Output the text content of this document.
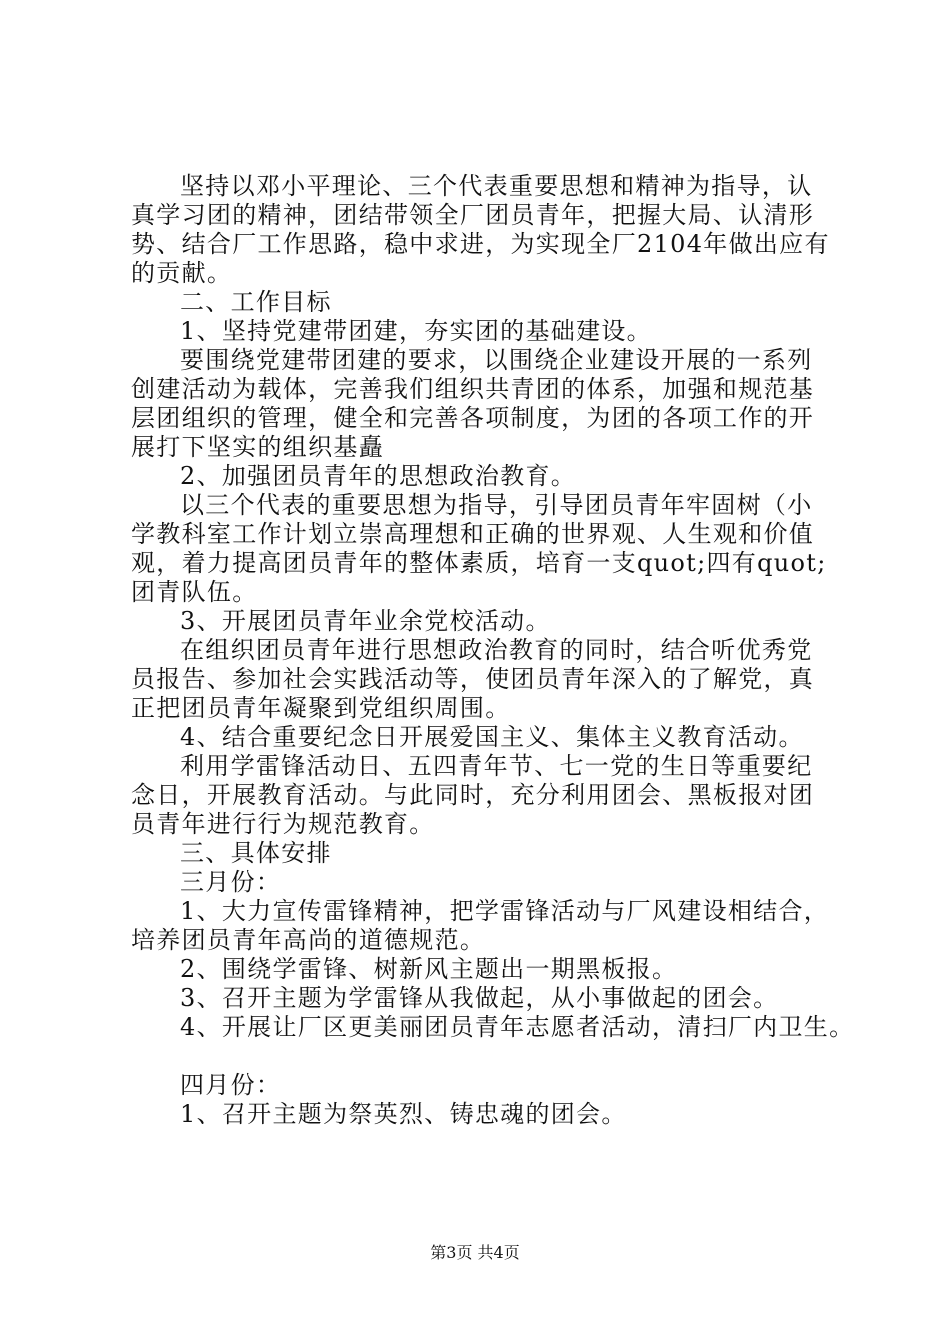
坚持以邓小平理论、三个代表重要思想和精神为指导，认
真学习团的精神，团结带领全厂团员青年，把握大局、认清形
势、结合厂工作思路，稳中求进，为实现全厂2104年做出应有
的贡献。
二、工作目标
1、坚持党建带团建，夯实团的基础建设。
要围绕党建带团建的要求，以围绕企业建设开展的一系列
创建活动为载体，完善我们组织共青团的体系，加强和规范基
层团组织的管理，健全和完善各项制度，为团的各项工作的开
展打下坚实的组织基矗
2、加强团员青年的思想政治教育。
以三个代表的重要思想为指导，引导团员青年牢固树（小
学教科室工作计划立崇高理想和正确的世界观、人生观和价值
观，着力提高团员青年的整体素质，培育一支quot;四有quot;
团青队伍。
3、开展团员青年业余党校活动。
在组织团员青年进行思想政治教育的同时，结合听优秀党
员报告、参加社会实践活动等，使团员青年深入的了解党，真
正把团员青年凝聚到党组织周围。
4、结合重要纪念日开展爱国主义、集体主义教育活动。
利用学雷锋活动日、五四青年节、七一党的生日等重要纪
念日，开展教育活动。与此同时，充分利用团会、黑板报对团
员青年进行行为规范教育。
三、具体安排
三月份：
1、大力宣传雷锋精神，把学雷锋活动与厂风建设相结合，
培养团员青年高尚的道德规范。
2、围绕学雷锋、树新风主题出一期黑板报。
3、召开主题为学雷锋从我做起，从小事做起的团会。
4、开展让厂区更美丽团员青年志愿者活动，清扫厂内卫生。
四月份：
1、召开主题为祭英烈、铸忠魂的团会。
第3页 共4页
